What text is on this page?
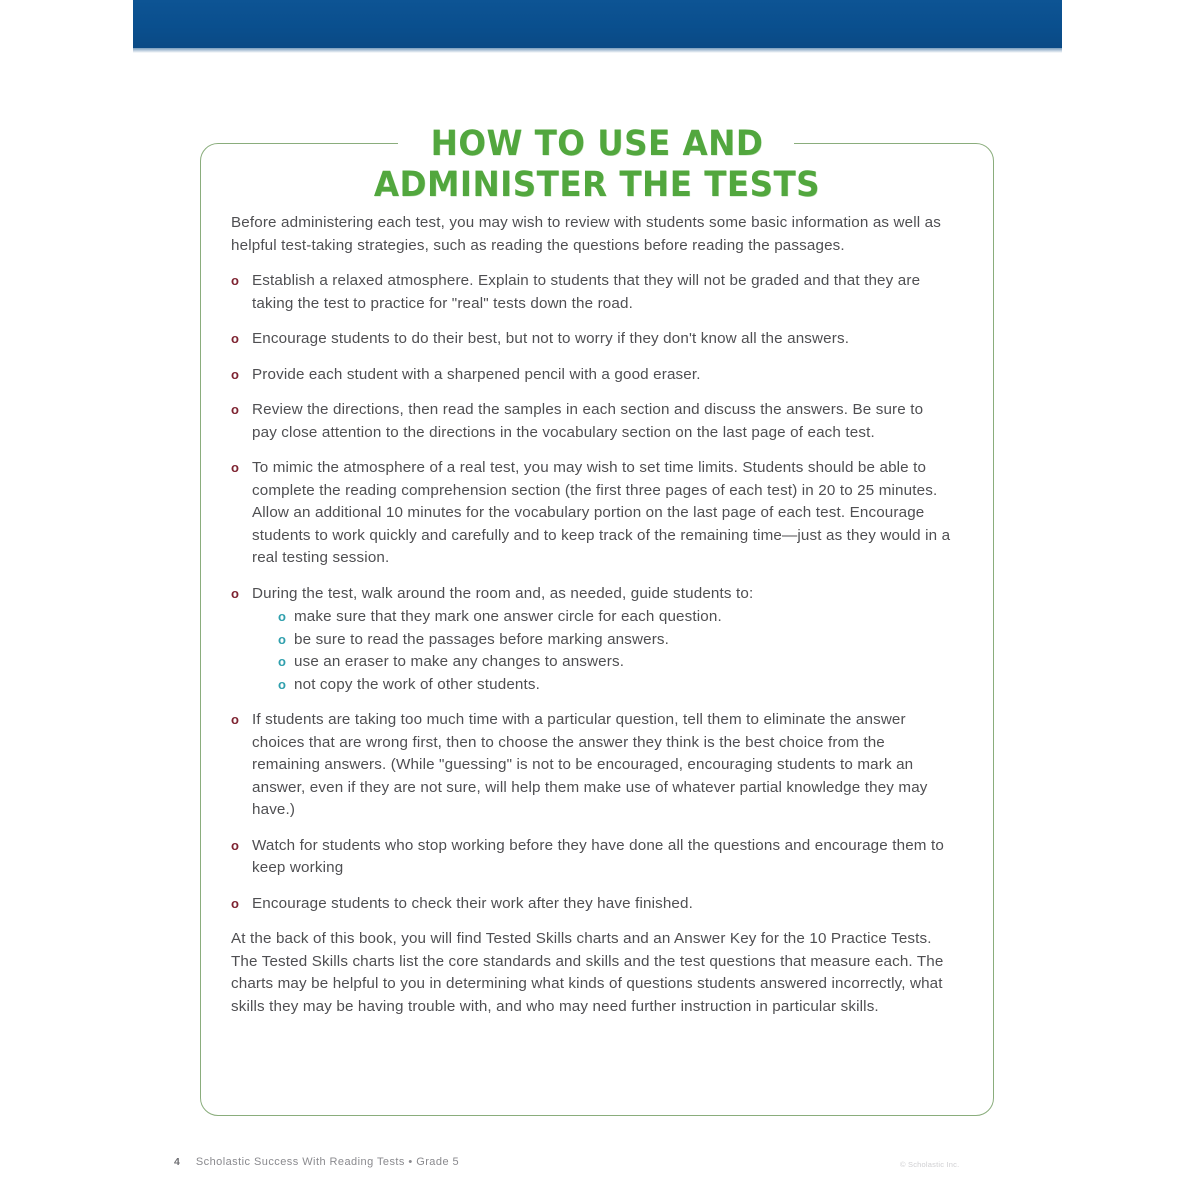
HOW TO USE AND
ADMINISTER THE TESTS

Before administering each test, you may wish to review with students some basic information as well as helpful test-taking strategies, such as reading the questions before reading the passages.

o Establish a relaxed atmosphere. Explain to students that they will not be graded and that they are taking the test to practice for "real" tests down the road.
o Encourage students to do their best, but not to worry if they don't know all the answers.
o Provide each student with a sharpened pencil with a good eraser.
o Review the directions, then read the samples in each section and discuss the answers. Be sure to pay close attention to the directions in the vocabulary section on the last page of each test.
o To mimic the atmosphere of a real test, you may wish to set time limits. Students should be able to complete the reading comprehension section (the first three pages of each test) in 20 to 25 minutes. Allow an additional 10 minutes for the vocabulary portion on the last page of each test. Encourage students to work quickly and carefully and to keep track of the remaining time—just as they would in a real testing session.
o During the test, walk around the room and, as needed, guide students to:
o make sure that they mark one answer circle for each question.
o be sure to read the passages before marking answers.
o use an eraser to make any changes to answers.
o not copy the work of other students.
o If students are taking too much time with a particular question, tell them to eliminate the answer choices that are wrong first, then to choose the answer they think is the best choice from the remaining answers. (While "guessing" is not to be encouraged, encouraging students to mark an answer, even if they are not sure, will help them make use of whatever partial knowledge they may have.)
o Watch for students who stop working before they have done all the questions and encourage them to keep working
o Encourage students to check their work after they have finished.

At the back of this book, you will find Tested Skills charts and an Answer Key for the 10 Practice Tests. The Tested Skills charts list the core standards and skills and the test questions that measure each. The charts may be helpful to you in determining what kinds of questions students answered incorrectly, what skills they may be having trouble with, and who may need further instruction in particular skills.

4 Scholastic Success With Reading Tests • Grade 5	© Scholastic Inc.
